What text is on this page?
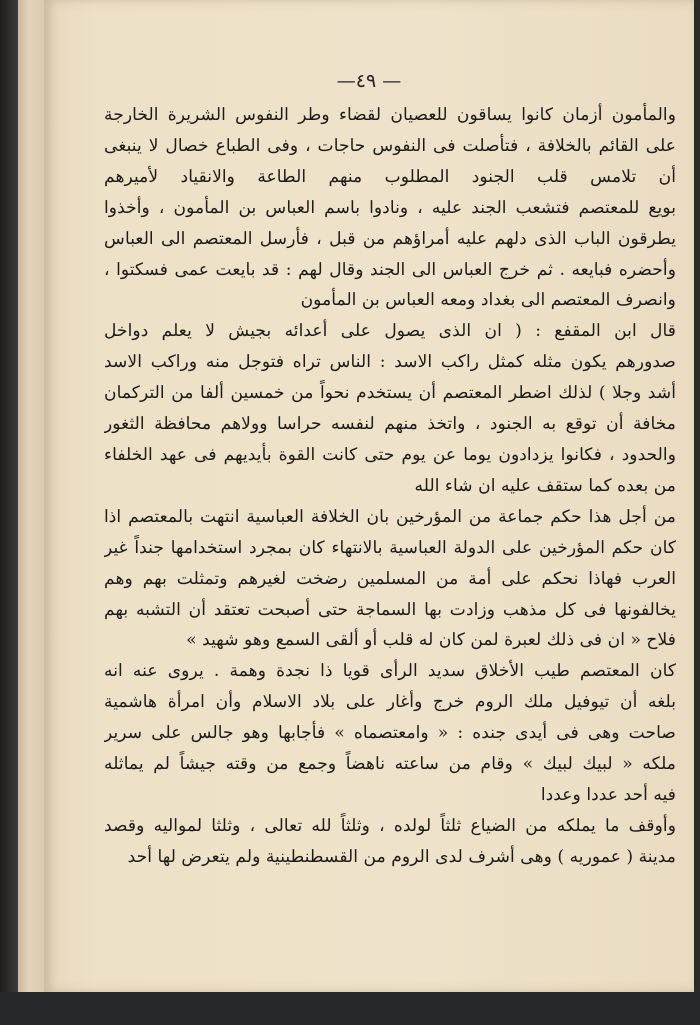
—٤٩ —
والمأمون أزمان كانوا يساقون للعصيان لقضاء وطر النفوس الشريرة الخارجة
على القائم بالخلافة ، فتأصلت فى النفوس حاجات ، وفى الطباع خصال لا ينبغى
أن تلامس قلب الجنود المطلوب منهم الطاعة والانقياد لأميرهم
بويع للمعتصم فتشعب الجند عليه ، ونادوا باسم العباس بن المأمون ، وأخذوا
يطرقون الباب الذى دلهم عليه أمراؤهم من قبل ، فأرسل المعتصم الى العباس
وأحضره فبايعه . ثم خرج العباس الى الجند وقال لهم : قد بايعت عمى فسكتوا ،
وانصرف المعتصم الى بغداد ومعه العباس بن المأمون
قال ابن المقفع : ( ان الذى يصول على أعدائه بجيش لا يعلم دواخل
صدورهم يكون مثله كمثل راكب الاسد : الناس تراه فتوجل منه وراكب الاسد
أشد وجلا ) لذلك اضطر المعتصم أن يستخدم نحواً من خمسين ألفا من التركمان
مخافة أن توقع به الجنود ، واتخذ منهم لنفسه حراسا وولاهم محافظة الثغور
والحدود ، فكانوا يزدادون يوما عن يوم حتى كانت القوة بأيديهم فى عهد الخلفاء
من بعده كما ستقف عليه ان شاء الله
من أجل هذا حكم جماعة من المؤرخين بان الخلافة العباسية انتهت بالمعتصم اذا
كان حكم المؤرخين على الدولة العباسية بالانتهاء كان بمجرد استخدامها جنداً غير
العرب فهاذا نحكم على أمة من المسلمين رضخت لغيرهم وتمثلت بهم وهم
يخالفونها فى كل مذهب وزادت بها السماجة حتى أصبحت تعتقد أن التشبه بهم
فلاح « ان فى ذلك لعبرة لمن كان له قلب أو ألقى السمع وهو شهيد »
كان المعتصم طيب الأخلاق سديد الرأى قويا ذا نجدة وهمة . يروى عنه انه
بلغه أن تيوفيل ملك الروم خرج وأغار على بلاد الاسلام وأن امرأة هاشمية
صاحت وهى فى أيدى جنده : « وامعتصماه » فأجابها وهو جالس على سرير
ملكه « لبيك لبيك » وقام من ساعته ناهضاً وجمع من وقته جيشاً لم يماثله
فيه أحد عددا وعددا
وأوقف ما يملكه من الضياع ثلثاً لولده ، وثلثاً لله تعالى ، وثلثا لمواليه وقصد
مدينة ( عموريه ) وهى أشرف لدى الروم من القسطنطينية ولم يتعرض لها أحد
